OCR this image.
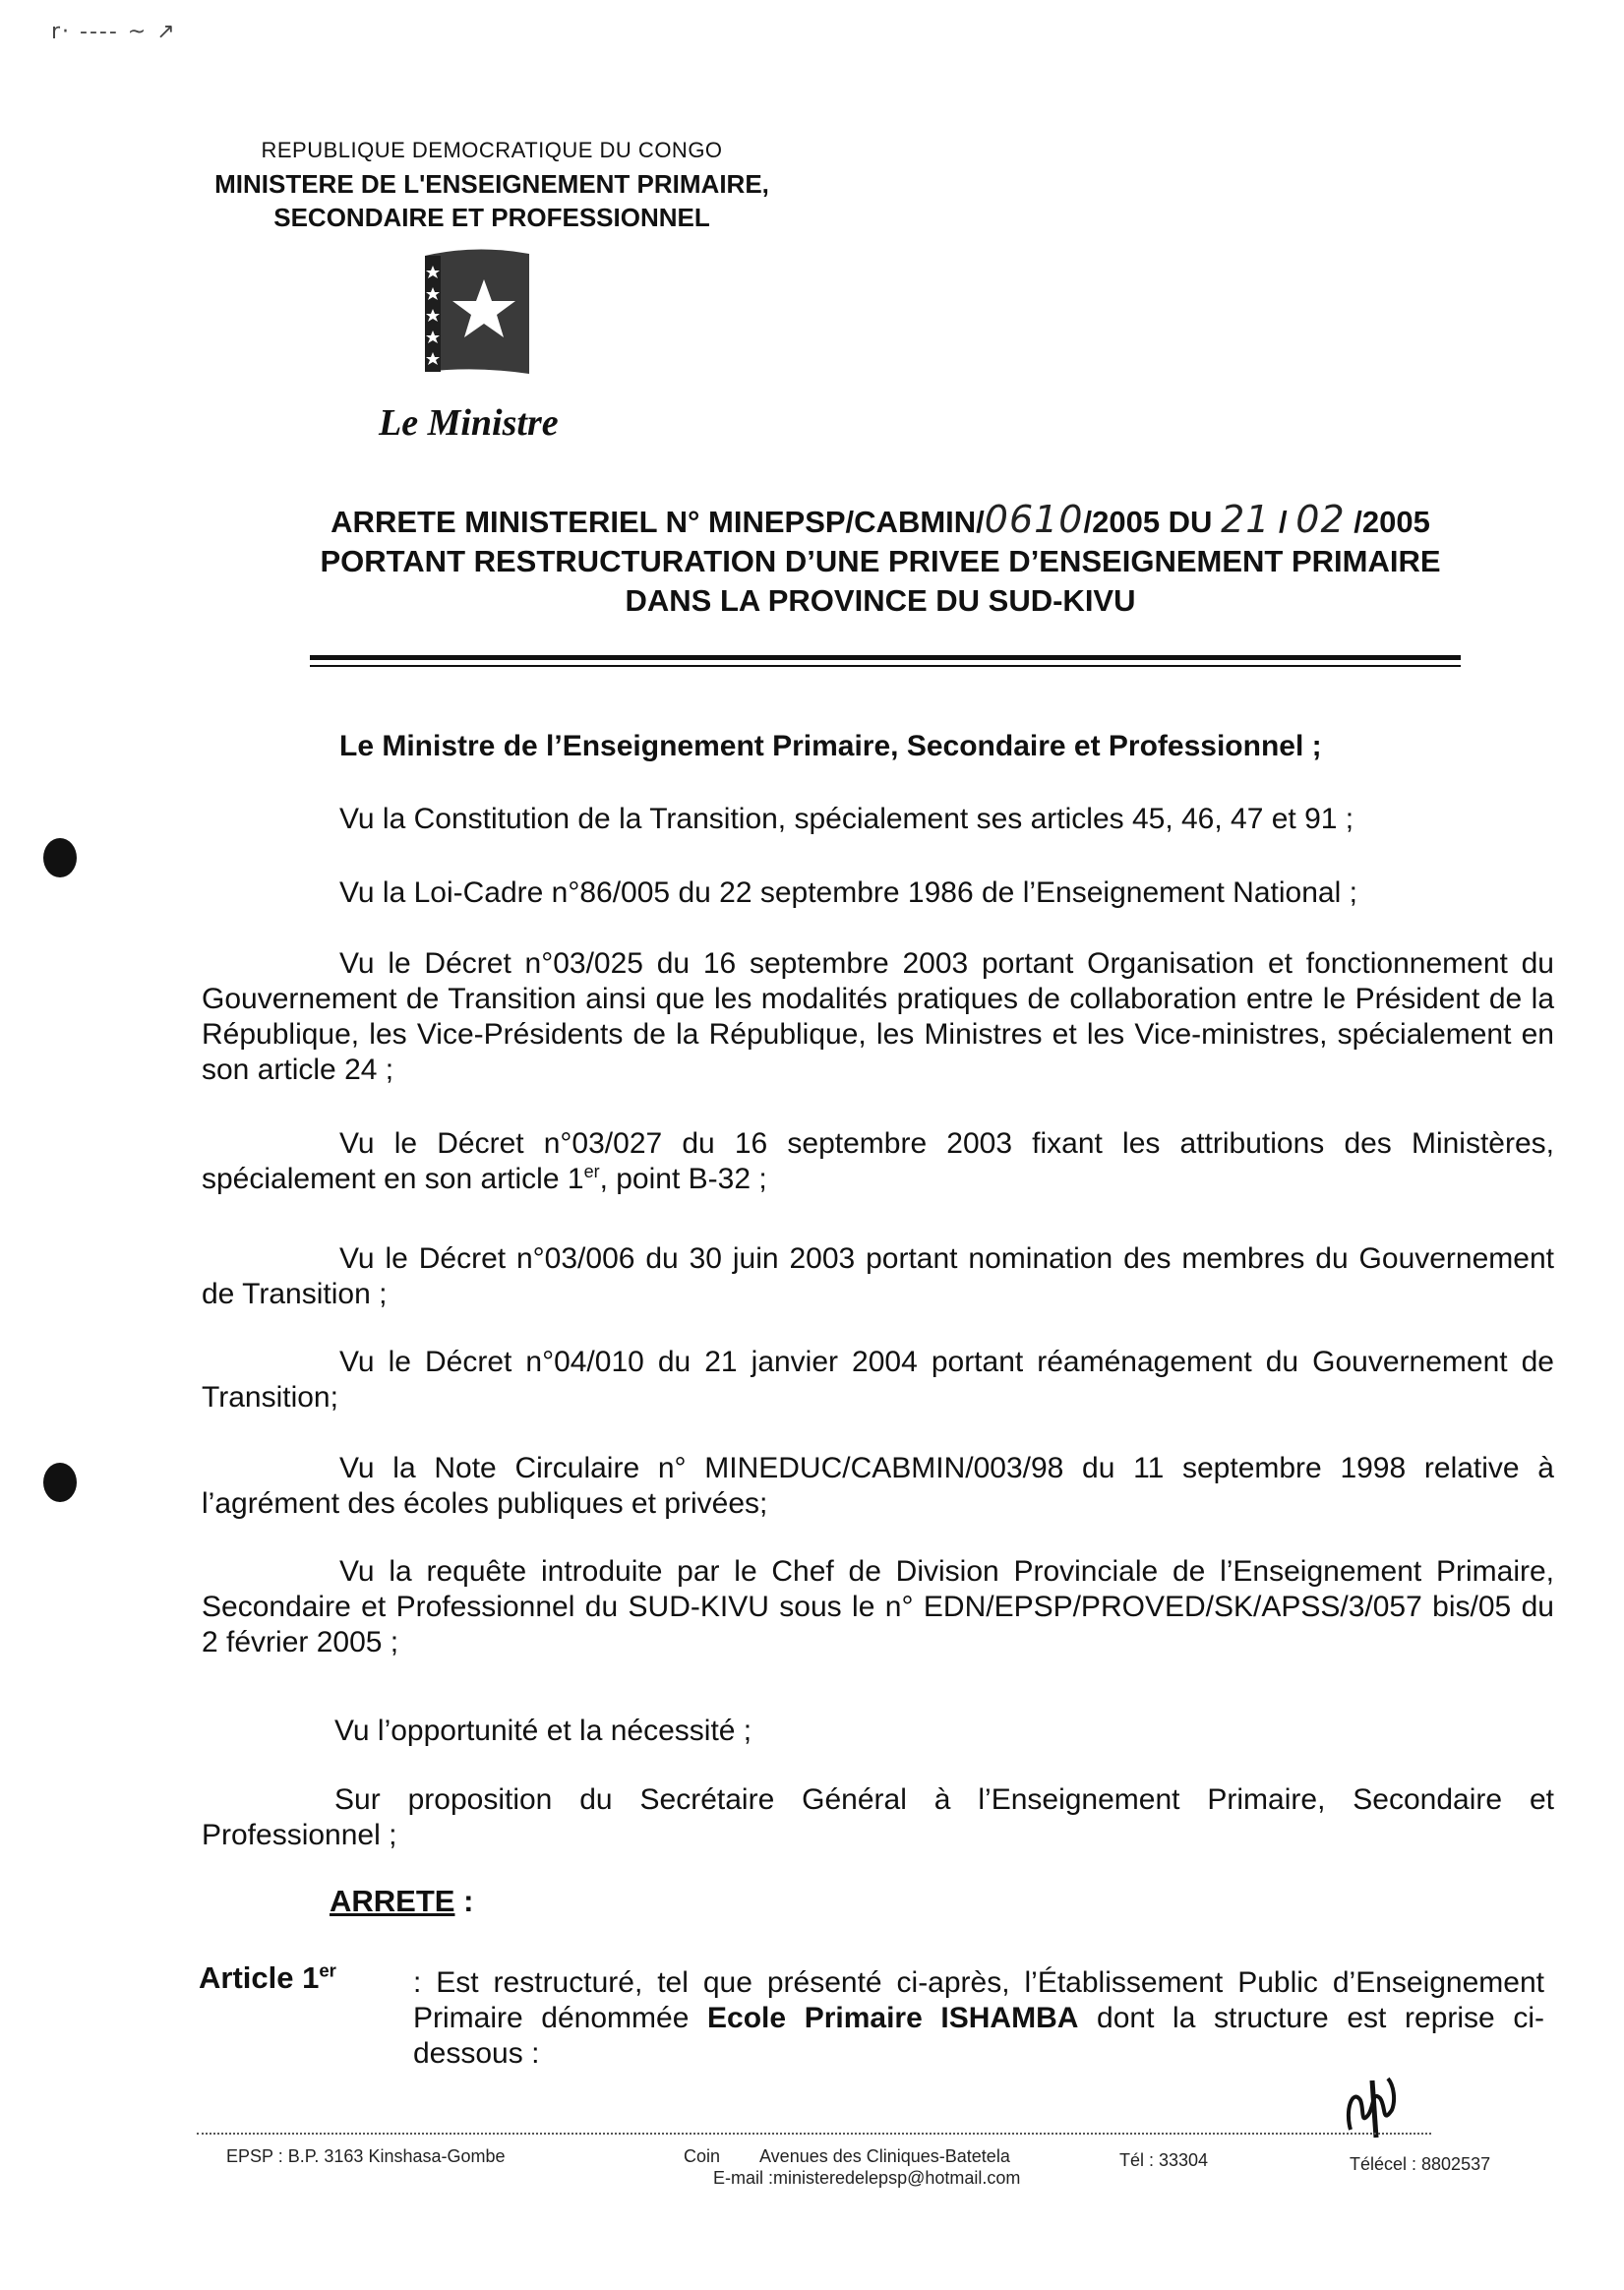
r· ---- ~ ↗
REPUBLIQUE DEMOCRATIQUE DU CONGO
MINISTERE DE L'ENSEIGNEMENT PRIMAIRE,
SECONDAIRE ET PROFESSIONNEL
Le Ministre
ARRETE MINISTERIEL N° MINEPSP/CABMIN/0610/2005 DU 21 / 02 /2005
PORTANT RESTRUCTURATION D’UNE PRIVEE D’ENSEIGNEMENT PRIMAIRE
DANS LA PROVINCE DU SUD-KIVU
Le Ministre de l’Enseignement Primaire, Secondaire et Professionnel ;
Vu la Constitution de la Transition, spécialement ses articles 45, 46, 47 et 91 ;
Vu la Loi-Cadre n°86/005 du 22 septembre 1986 de l’Enseignement National ;
Vu le Décret n°03/025 du 16 septembre 2003 portant Organisation et fonctionnement du Gouvernement de Transition ainsi que les modalités pratiques de collaboration entre le Président de la République, les Vice-Présidents de la République, les Ministres et les Vice-ministres, spécialement en son article 24 ;
Vu le Décret n°03/027 du 16 septembre 2003 fixant les attributions des Ministères, spécialement en son article 1er, point B-32 ;
Vu le Décret n°03/006 du 30 juin 2003 portant nomination des membres du Gouvernement de Transition ;
Vu le Décret n°04/010 du 21 janvier 2004 portant réaménagement du Gouvernement de Transition;
Vu la Note Circulaire n° MINEDUC/CABMIN/003/98 du 11 septembre 1998 relative à l’agrément des écoles publiques et privées;
Vu la requête introduite par le Chef de Division Provinciale de l’Enseignement Primaire, Secondaire et Professionnel du SUD-KIVU sous le n° EDN/EPSP/PROVED/SK/APSS/3/057 bis/05 du 2 février 2005 ;
Vu l’opportunité et la nécessité ;
Sur proposition du Secrétaire Général à l’Enseignement Primaire, Secondaire et Professionnel ;
ARRETE :
Article 1er	: Est restructuré, tel que présenté ci-après, l’Établissement Public d’Enseignement Primaire dénommée Ecole Primaire ISHAMBA dont la structure est reprise ci-dessous :
EPSP : B.P. 3163 Kinshasa-Gombe	Coin Avenues des Cliniques-Batetela
E-mail :ministeredelepsp@hotmail.com
Tél : 33304	Télécel : 8802537
